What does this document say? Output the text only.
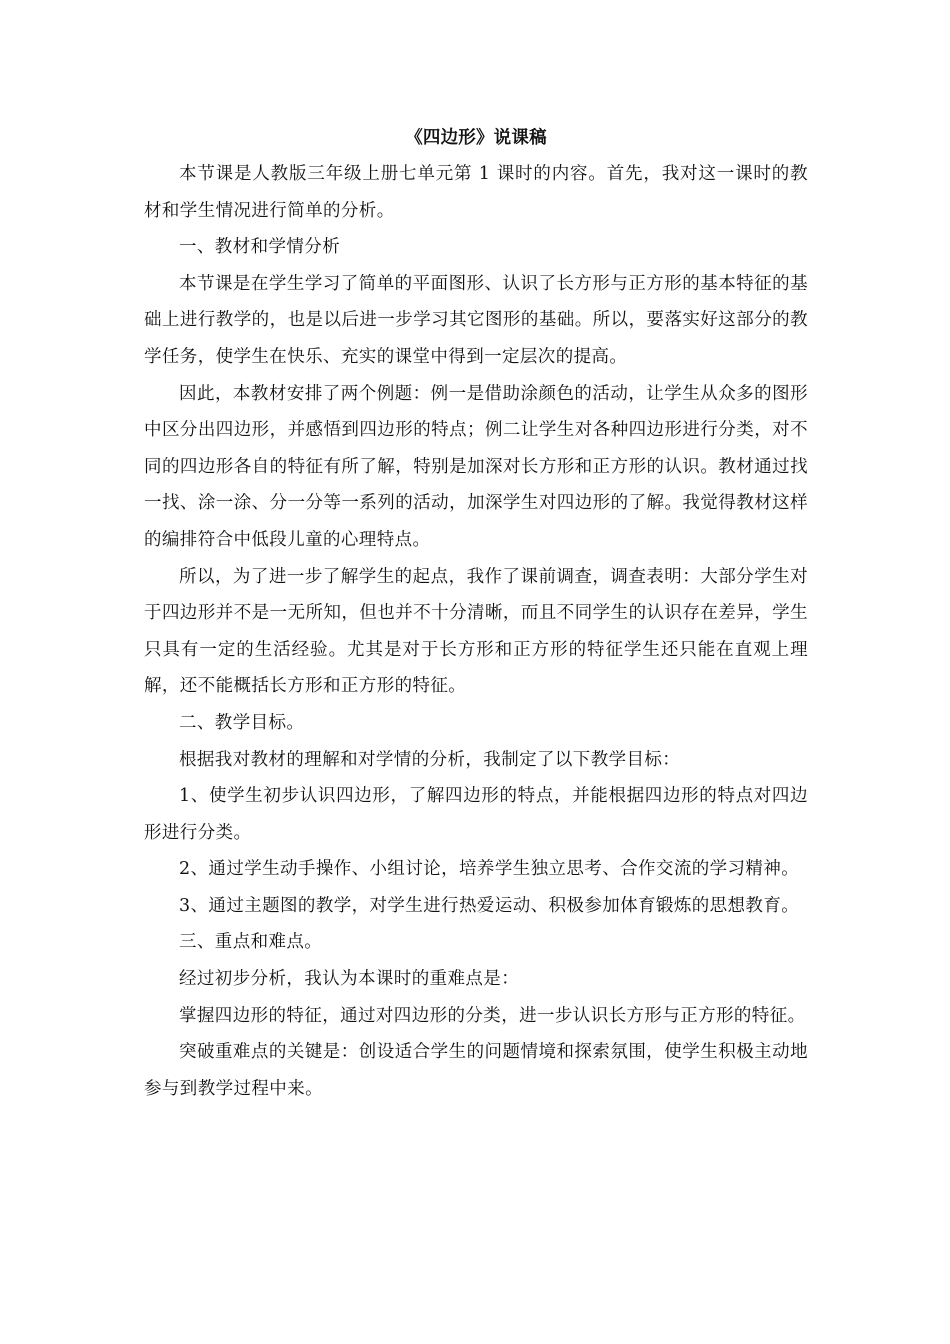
《四边形》说课稿

本节课是人教版三年级上册七单元第 1 课时的内容。首先，我对这一课时的教材和学生情况进行简单的分析。

一、教材和学情分析

本节课是在学生学习了简单的平面图形、认识了长方形与正方形的基本特征的基础上进行教学的，也是以后进一步学习其它图形的基础。所以，要落实好这部分的教学任务，使学生在快乐、充实的课堂中得到一定层次的提高。

因此，本教材安排了两个例题：例一是借助涂颜色的活动，让学生从众多的图形中区分出四边形，并感悟到四边形的特点；例二让学生对各种四边形进行分类，对不同的四边形各自的特征有所了解，特别是加深对长方形和正方形的认识。教材通过找一找、涂一涂、分一分等一系列的活动，加深学生对四边形的了解。我觉得教材这样的编排符合中低段儿童的心理特点。

所以，为了进一步了解学生的起点，我作了课前调查，调查表明：大部分学生对于四边形并不是一无所知，但也并不十分清晰，而且不同学生的认识存在差异，学生只具有一定的生活经验。尤其是对于长方形和正方形的特征学生还只能在直观上理解，还不能概括长方形和正方形的特征。

二、教学目标。

根据我对教材的理解和对学情的分析，我制定了以下教学目标：

1、使学生初步认识四边形，了解四边形的特点，并能根据四边形的特点对四边形进行分类。

2、通过学生动手操作、小组讨论，培养学生独立思考、合作交流的学习精神。

3、通过主题图的教学，对学生进行热爱运动、积极参加体育锻炼的思想教育。

三、重点和难点。

经过初步分析，我认为本课时的重难点是：

掌握四边形的特征，通过对四边形的分类，进一步认识长方形与正方形的特征。

突破重难点的关键是：创设适合学生的问题情境和探索氛围，使学生积极主动地参与到教学过程中来。
